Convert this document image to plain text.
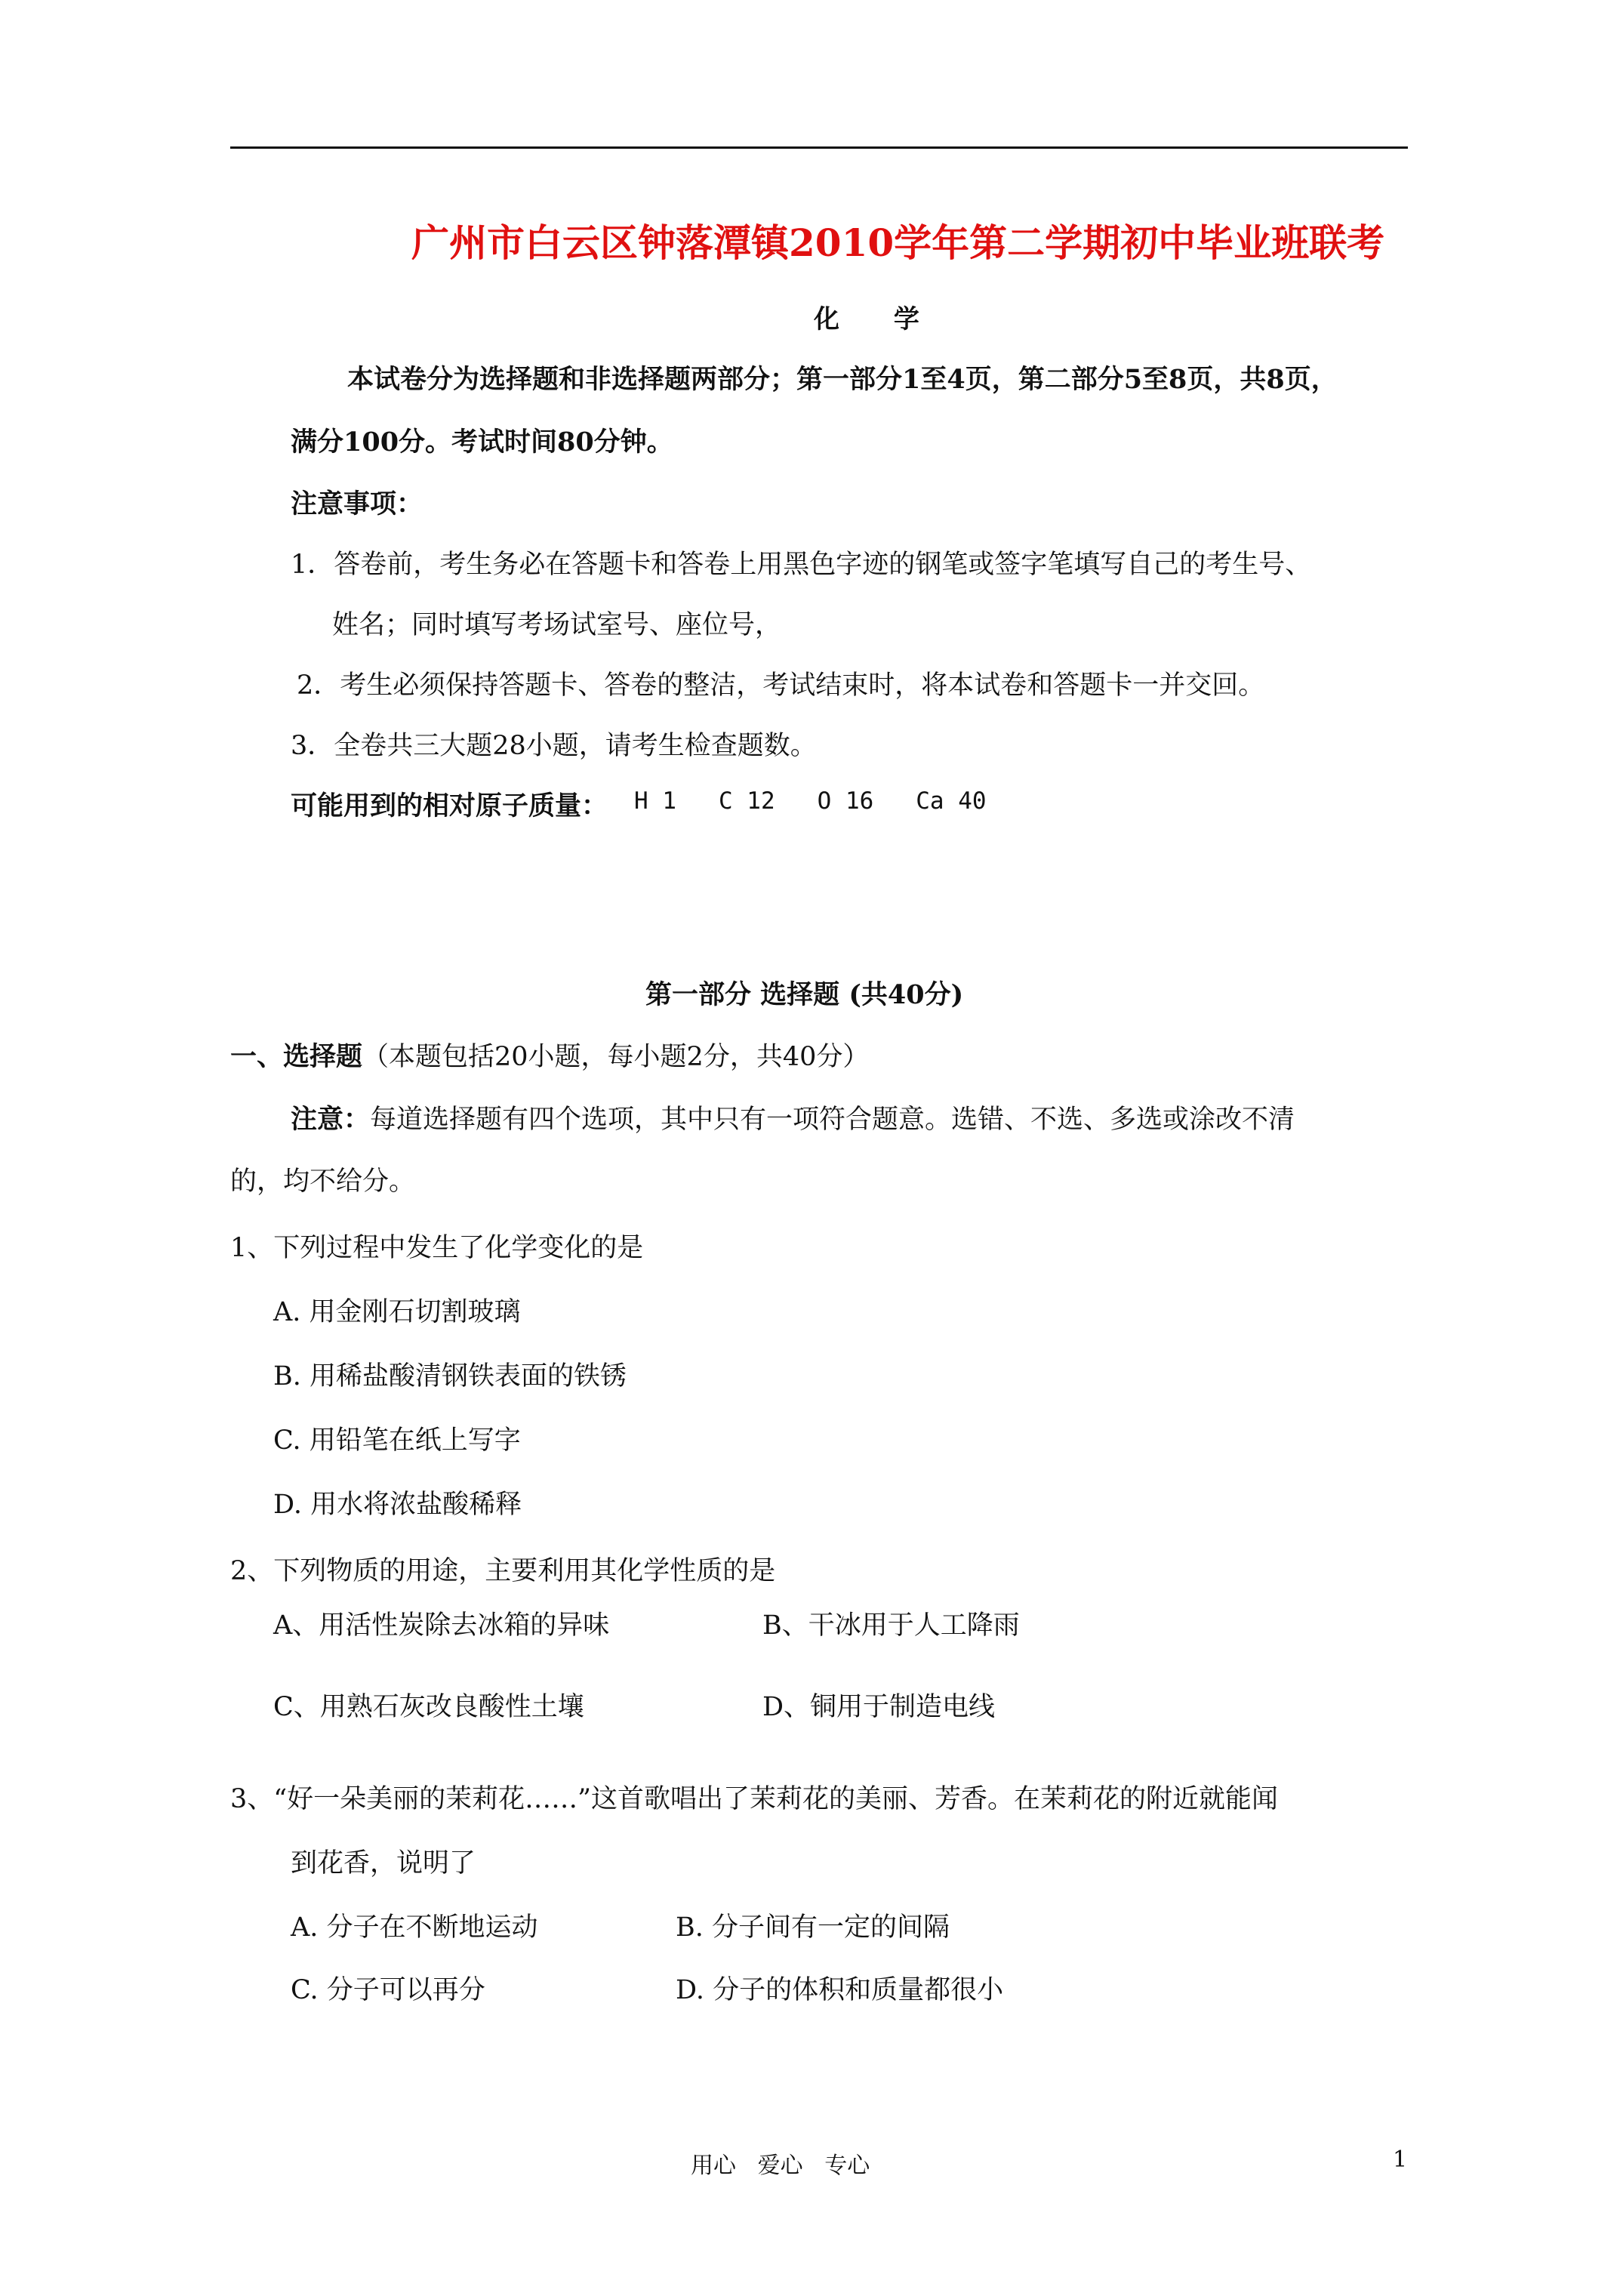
广州市白云区钟落潭镇2010学年第二学期初中毕业班联考
化 学
本试卷分为选择题和非选择题两部分；第一部分1至4页，第二部分5至8页，共8页，
满分100分。考试时间80分钟。
注意事项：
1．答卷前，考生务必在答题卡和答卷上用黑色字迹的钢笔或签字笔填写自己的考生号、
姓名；同时填写考场试室号、座位号，
2．考生必须保持答题卡、答卷的整洁，考试结束时，将本试卷和答题卡一并交回。
3．全卷共三大题28小题，请考生检查题数。
可能用到的相对原子质量： H 1   C 12   O 16   Ca 40
第一部分 选择题 (共40分)
一、选择题（本题包括20小题，每小题2分，共40分）
注意：每道选择题有四个选项，其中只有一项符合题意。选错、不选、多选或涂改不清
的，均不给分。
1、下列过程中发生了化学变化的是
A. 用金刚石切割玻璃
B. 用稀盐酸清钢铁表面的铁锈
C. 用铅笔在纸上写字
D. 用水将浓盐酸稀释
2、下列物质的用途，主要利用其化学性质的是
A、用活性炭除去冰箱的异味	B、干冰用于人工降雨
C、用熟石灰改良酸性土壤	D、铜用于制造电线
3、“好一朵美丽的茉莉花……”这首歌唱出了茉莉花的美丽、芳香。在茉莉花的附近就能闻
到花香，说明了
A. 分子在不断地运动	B. 分子间有一定的间隔
C. 分子可以再分	D. 分子的体积和质量都很小
用心   爱心   专心	1
